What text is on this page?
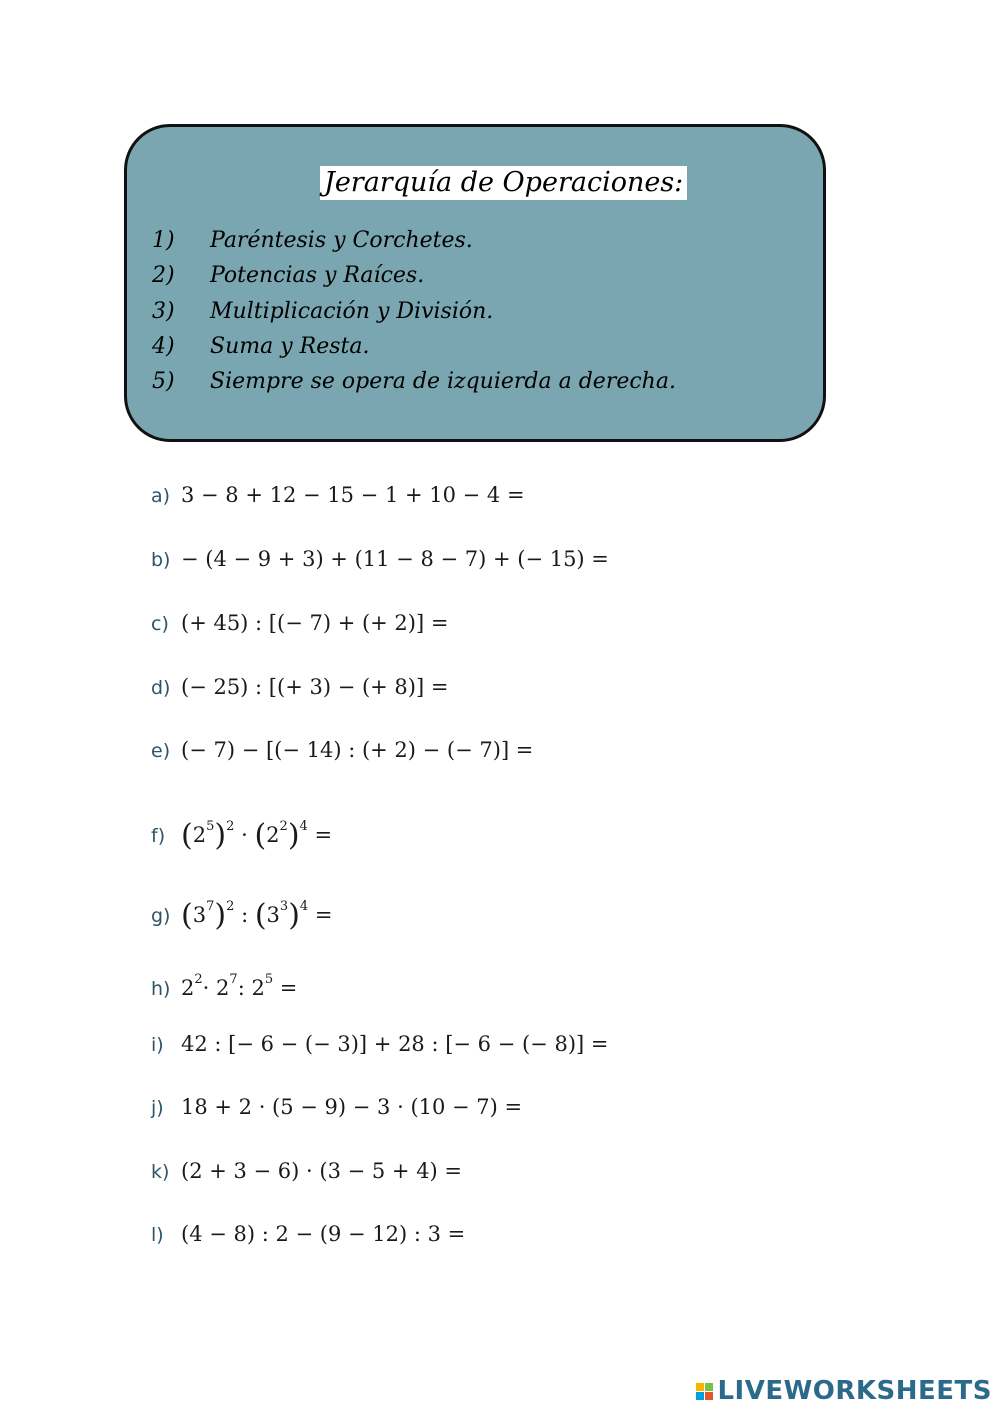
Jerarquía de Operaciones:
1) Paréntesis y Corchetes.
2) Potencias y Raíces.
3) Multiplicación y División.
4) Suma y Resta.
5) Siempre se opera de izquierda a derecha.
a) 3 − 8 + 12 − 15 − 1 + 10 − 4 =
b) − (4 − 9 + 3) + (11 − 8 − 7) + (− 15) =
c) (+ 45) : [(− 7) + (+ 2)] =
d) (− 25) : [(+ 3) − (+ 8)] =
e) (− 7) − [(− 14) : (+ 2) − (− 7)] =
f) $(2^5)^2 \cdot (2^2)^4$ =
g) $(3^7)^2$ : $(3^3)^4$ =
h) $2^2\cdot 2^7$: $2^5$ =
i) 42 : [− 6 − (− 3)] + 28 : [− 6 − (− 8)] =
j) 18 + 2 · (5 − 9) − 3 · (10 − 7) =
k) (2 + 3 − 6) · (3 − 5 + 4) =
l) (4 − 8) : 2 − (9 − 12) : 3 =
LIVEWORKSHEETS
